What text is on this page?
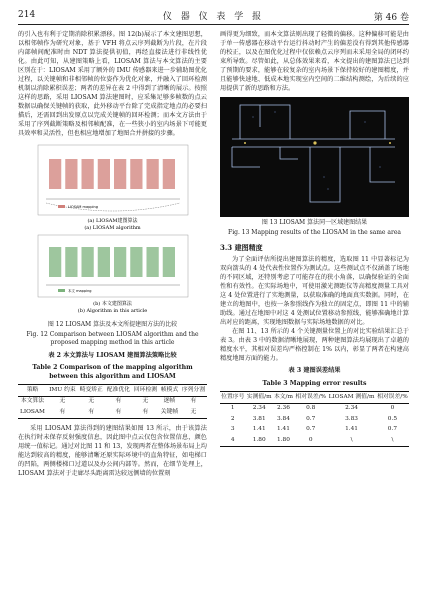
214	仪 器 仪 表 学 报	第 46 卷

的引入也有利于定期消除积累漂移。图 12(b)展示了本文建图思想，以相邻帧作为研究对象，基于 VFH 将点云序列截断为片段，在片段内部帧间配准时由 NDT 算法提供初值，再经直接法进行非线性优化。由此可知，从建图策略上看，LIOSAM 算法与本文算法的主要区别在于：LIOSAM 采用了额外的 IMU 传感器来进一步辅助图优化过程，以关键帧和非相邻帧的位姿作为优化对象，并融入了回环检测机制以消除累积误差；两者的差异在表 2 中得到了清晰的展示。按照这样的思路，采用 LIOSAM 算法建图时，应采集足够多帧数的点云数据以确保关键帧的获取，此外移动平台除了完成指定地点的必要扫描后，还需回到出发原点以完成关键帧的回环检测；而本文方法由于采用了序列截断策略及相邻帧配准，在一些狭小的室内场景下可能更具效率和灵活性，但也相应地增加了地图合并拼接的步骤。

LIOSAM mapping
(a) LIOSAM建图算法
(a) LIOSAM algorithm
本文 mapping
(b) 本文建图算法
(b) Algorithm in this article
图 12 LIOSAM 算法及本文所提建图方法的比较
Fig. 12 Comparison between LIOSAM algorithm and the proposed mapping method in this article
表 2 本文算法与 LIOSAM 建图算法策略比较
Table 2 Comparison of the mapping algorithm between this algorithm and LIOSAM
策略	IMU 约束	畸变矫正	配准优化	回环检测	帧模式	序列分割
本文算法	无	无	有	无	逐帧	有
LIOSAM	有	有	有	有	关键帧	无

采用 LIOSAM 算法得到的建图结果如图 13 所示，由于该算法在执行时未保存反射强度信息，因此图中点云仅包含位置信息，颜色用统一值标记。通过对比图 11 和 13，发现两者在整体场景布局上均能达到较高的精度，能够清晰还原实际环境中的直角特征，如电梯口的凹陷，两侧楼梯口过道以及办公间内部等。然而，在细节处理上，LIOSAM 算法对于走廊尽头距离雷达较远侧墙的位置刻

画得更为细致，而本文算法则出现了轻微的偏移。这种偏移可能是由于单一传感器在移动平台运行抖动时产生的偏差没有得到其他传感器的校正，以及在图优化过程中仅依赖点云序列而未采用全局的闭环约束所导致。尽管如此，从总体效果来看，本文提出的建图算法已达到了预期的要求，能够在较复杂的室内场景下保持较好的建图精度，并且能够快速地、低成本地实现室内空间的二维结构测绘，为后续的应用提供了新的思路和方法。

图 13 LIOSAM 算法同一区域建图结果
Fig. 13 Mapping results of the LIOSAM in the same area
3.3 建图精度

为了全面评估所提出建图算法的精度，选取图 11 中显著标记为双向箭头的 4 处代表性位置作为测试点。这些测试点不仅涵盖了场地的不同区域，还特别考虑了可能存在的狭小角落，以确保验证的全面性和有效性。在实际场地中，可使用激光测距仪等高精度测量工具对这 4 处位置进行了实地测量，以获取准确的地面真实数据。同时，在建立的地图中，也按一条参照线作为独立的固定点，即图 11 中的辅助线。通过在地图中对这 4 处测试位置移动参照线，能够准确地计算出对应的距离，实现地图数据与实际场地数据的对比。

在图 11、13 所示的 4 个关键测量位置上的对比实验结果汇总于表 3。由表 3 中的数据清晰地展现，两种建图算法均展现出了卓越的精度水平，其相对误差均严格控制在 1% 以内，彰显了两者在构建高精度地图方面的能力。

表 3 建图误差结果
Table 3 Mapping error results
位置序号	实测值/m	本文/m	相对误差/%	LIOSAM 测值/m	相对误差/%
1	2.34	2.36	0.8	2.34	0
2	3.81	3.84	0.7	3.83	0.5
3	1.41	1.41	0.7	1.41	0.7
4	1.80	1.80	0	\	\
